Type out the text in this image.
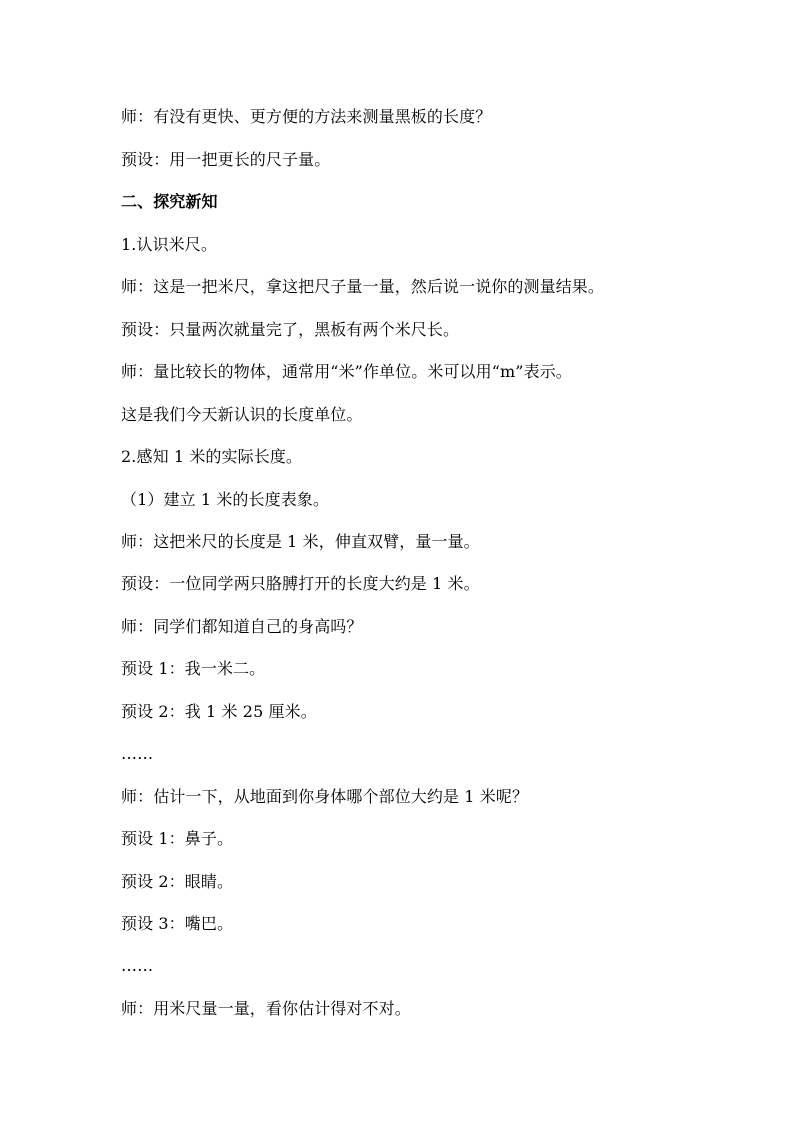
师：有没有更快、更方便的方法来测量黑板的长度？
预设：用一把更长的尺子量。
二、探究新知
1.认识米尺。
师：这是一把米尺，拿这把尺子量一量，然后说一说你的测量结果。
预设：只量两次就量完了，黑板有两个米尺长。
师：量比较长的物体，通常用“米”作单位。米可以用“m”表示。
这是我们今天新认识的长度单位。
2.感知 1 米的实际长度。
（1）建立 1 米的长度表象。
师：这把米尺的长度是 1 米，伸直双臂，量一量。
预设：一位同学两只胳膊打开的长度大约是 1 米。
师：同学们都知道自己的身高吗？
预设 1：我一米二。
预设 2：我 1 米 25 厘米。
……
师：估计一下，从地面到你身体哪个部位大约是 1 米呢？
预设 1：鼻子。
预设 2：眼睛。
预设 3：嘴巴。
……
师：用米尺量一量，看你估计得对不对。
